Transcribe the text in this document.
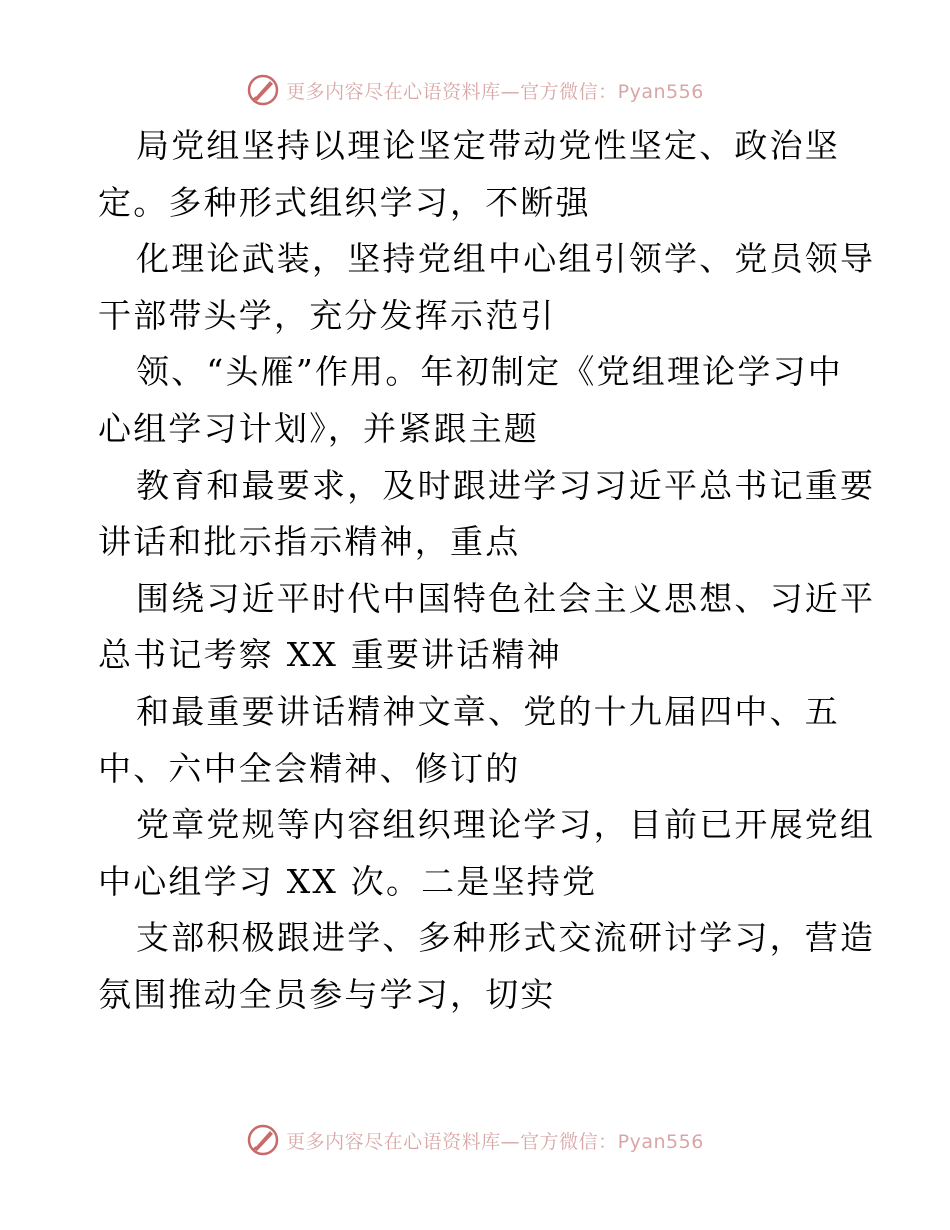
更多内容尽在心语资料库—官方微信：Pyan556
局党组坚持以理论坚定带动党性坚定、政治坚
定。多种形式组织学习，不断强
化理论武装，坚持党组中心组引领学、党员领导
干部带头学，充分发挥示范引
领、“头雁”作用。年初制定《党组理论学习中
心组学习计划》，并紧跟主题
教育和最要求，及时跟进学习习近平总书记重要
讲话和批示指示精神，重点
围绕习近平时代中国特色社会主义思想、习近平
总书记考察 XX 重要讲话精神
和最重要讲话精神文章、党的十九届四中、五
中、六中全会精神、修订的
党章党规等内容组织理论学习，目前已开展党组
中心组学习 XX 次。二是坚持党
支部积极跟进学、多种形式交流研讨学习，营造
氛围推动全员参与学习，切实
更多内容尽在心语资料库—官方微信：Pyan556
